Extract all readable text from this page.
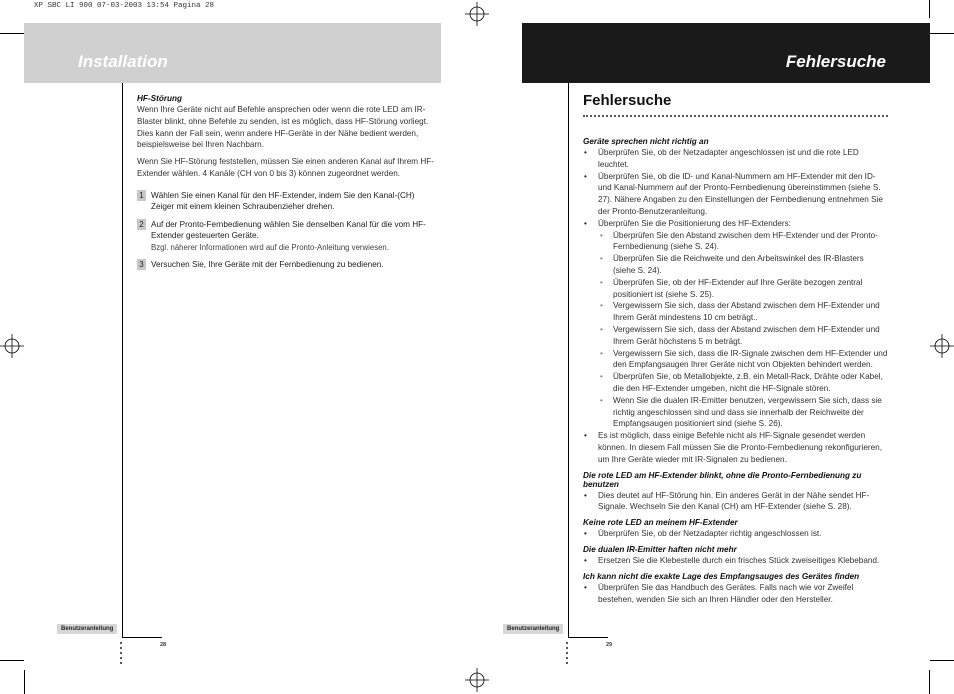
XP SBC LI 900 07-03-2003 13:54 Pagina 28
Installation
HF-Störung
Wenn Ihre Geräte nicht auf Befehle ansprechen oder wenn die rote LED am IR-Blaster blinkt, ohne Befehle zu senden, ist es möglich, dass HF-Störung vorliegt. Dies kann der Fall sein, wenn andere HF-Geräte in der Nähe bedient werden, beispielsweise bei Ihren Nachbarn.
Wenn Sie HF-Störung feststellen, müssen Sie einen anderen Kanal auf Ihrem HF-Extender wählen. 4 Kanäle (CH von 0 bis 3) können zugeordnet werden.
1 Wählen Sie einen Kanal für den HF-Extender, indem Sie den Kanal-(CH) Zeiger mit einem kleinen Schraubenzieher drehen.
2 Auf der Pronto-Fernbedienung wählen Sie denselben Kanal für die vom HF-Extender gesteuerten Geräte.
Bzgl. näherer Informationen wird auf die Pronto-Anleitung verwiesen.
3 Versuchen Sie, Ihre Geräte mit der Fernbedienung zu bedienen.
Benutzeranleitung
28
Fehlersuche
Fehlersuche
Geräte sprechen nicht richtig an
• Überprüfen Sie, ob der Netzadapter angeschlossen ist und die rote LED leuchtet.
• Überprüfen Sie, ob die ID- und Kanal-Nummern am HF-Extender mit den ID- und Kanal-Nummern auf der Pronto-Fernbedienung übereinstimmen (siehe S. 27). Nähere Angaben zu den Einstellungen der Fernbedienung entnehmen Sie der Pronto-Benutzeranleitung.
• Überprüfen Sie die Positionierung des HF-Extenders:
• Überprüfen Sie den Abstand zwischen dem HF-Extender und der Pronto-Fernbedienung (siehe S. 24).
• Überprüfen Sie die Reichweite und den Arbeitswinkel des IR-Blasters (siehe S. 24).
• Überprüfen Sie, ob der HF-Extender auf Ihre Geräte bezogen zentral positioniert ist (siehe S. 25).
• Vergewissern Sie sich, dass der Abstand zwischen dem HF-Extender und Ihrem Gerät mindestens 10 cm beträgt..
• Vergewissern Sie sich, dass der Abstand zwischen dem HF-Extender und Ihrem Gerät höchstens 5 m beträgt.
• Vergewissern Sie sich, dass die IR-Signale zwischen dem HF-Extender und den Empfangsaugen Ihrer Geräte nicht von Objekten behindert werden.
• Überprüfen Sie, ob Metallobjekte, z.B. ein Metall-Rack, Drähte oder Kabel, die den HF-Extender umgeben, nicht die HF-Signale stören.
• Wenn Sie die dualen IR-Emitter benutzen, vergewissern Sie sich, dass sie richtig angeschlossen sind und dass sie innerhalb der Reichweite der Empfangsaugen positioniert sind (siehe S. 26).
• Es ist möglich, dass einige Befehle nicht als HF-Signale gesendet werden können. In diesem Fall müssen Sie die Pronto-Fernbedienung rekonfigurieren, um Ihre Geräte wieder mit IR-Signalen zu bedienen.
Die rote LED am HF-Extender blinkt, ohne die Pronto-Fernbedienung zu benutzen
• Dies deutet auf HF-Störung hin. Ein anderes Gerät in der Nähe sendet HF-Signale. Wechseln Sie den Kanal (CH) am HF-Extender (siehe S. 28).
Keine rote LED an meinem HF-Extender
• Überprüfen Sie, ob der Netzadapter richtig angeschlossen ist.
Die dualen IR-Emitter haften nicht mehr
• Ersetzen Sie die Klebestelle durch ein frisches Stück zweiseitiges Klebeband.
Ich kann nicht die exakte Lage des Empfangsauges des Gerätes finden
• Überprüfen Sie das Handbuch des Gerätes. Falls nach wie vor Zweifel bestehen, wenden Sie sich an Ihren Händler oder den Hersteller.
Benutzeranleitung
29
